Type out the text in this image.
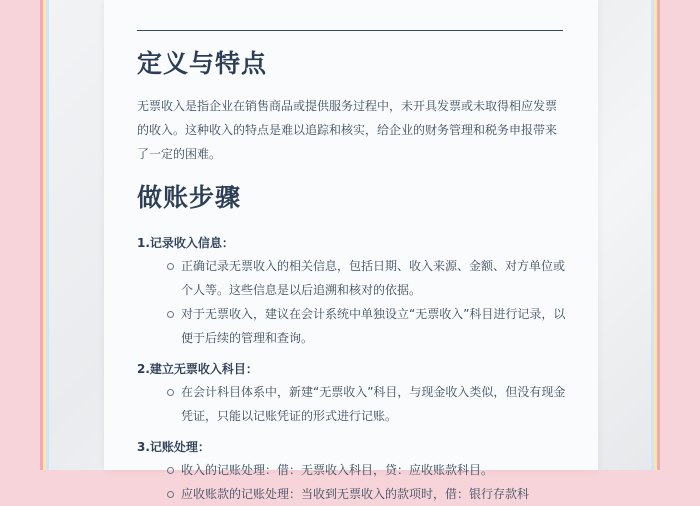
定义与特点

无票收入是指企业在销售商品或提供服务过程中，未开具发票或未取得相应发票的收入。这种收入的特点是难以追踪和核实，给企业的财务管理和税务申报带来了一定的困难。

做账步骤
1.记录收入信息：
正确记录无票收入的相关信息，包括日期、收入来源、金额、对方单位或个人等。这些信息是以后追溯和核对的依据。
对于无票收入，建议在会计系统中单独设立“无票收入”科目进行记录，以便于后续的管理和查询。
2.建立无票收入科目：
在会计科目体系中，新建“无票收入”科目，与现金收入类似，但没有现金凭证，只能以记账凭证的形式进行记账。
3.记账处理：
收入的记账处理：借：无票收入科目，贷：应收账款科目。
应收账款的记账处理：当收到无票收入的款项时，借：银行存款科
